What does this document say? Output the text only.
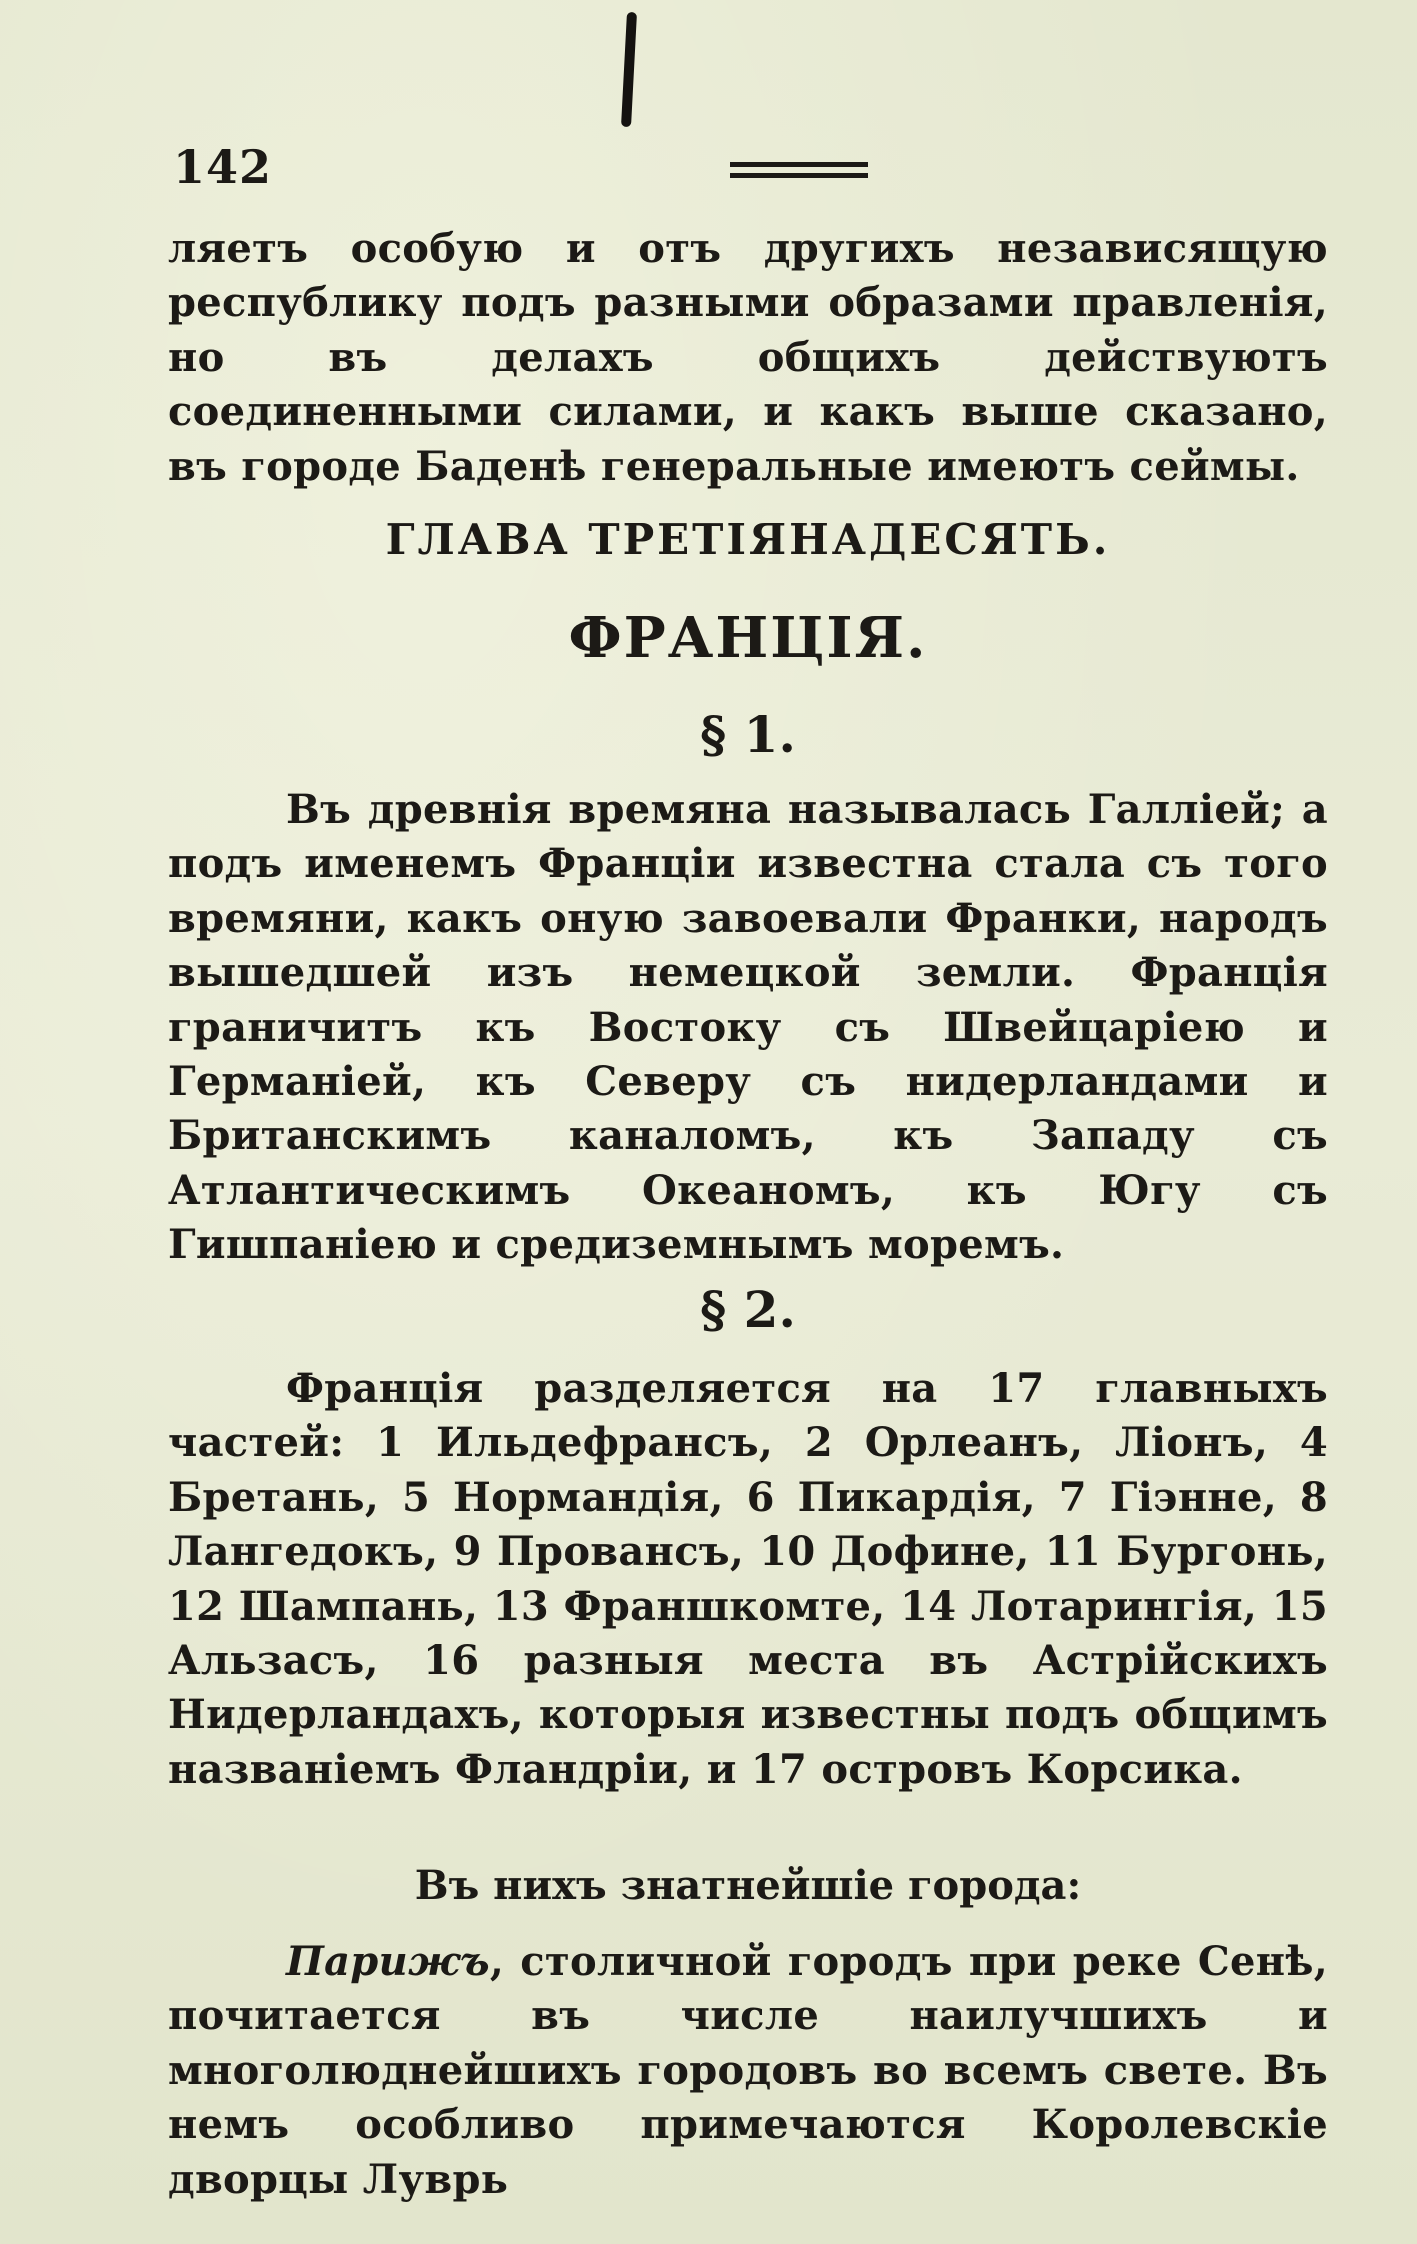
142

ляетъ особую и отъ другихъ независящую республику подъ разными образами правленія, но въ делахъ общихъ действуютъ соединенными силами, и какъ выше сказано, въ городе Баденѣ генеральные имеютъ сеймы.

ГЛАВА ТРЕТІЯНАДЕСЯТЬ.
ФРАНЦІЯ.
§ 1.

Въ древнія времяна называлась Галлiей; а подъ именемъ Франціи известна стала съ того времяни, какъ оную завоевали Франки, народъ вышедшей изъ немецкой земли. Франція граничитъ къ Востоку съ Швейцаріею и Германіей, къ Северу съ нидерландами и Британскимъ каналомъ, къ Западу съ Атлантическимъ Океаномъ, къ Югу съ Гишпаніею и средиземнымъ моремъ.

§ 2.

Франція разделяется на 17 главныхъ частей: 1 Ильдефрансъ, 2 Орлеанъ, Ліонъ, 4 Бретань, 5 Нормандія, 6 Пикардія, 7 Гіэнне, 8 Лангедокъ, 9 Провансъ, 10 Дофине, 11 Бургонь, 12 Шампань, 13 Франшкомте, 14 Лотарингія, 15 Альзасъ, 16 разныя места въ Астрійскихъ Нидерландахъ, которыя известны подъ общимъ названіемъ Фландріи, и 17 островъ Корсика.

Въ нихъ знатнейшіе города:

Парижъ, столичной городъ при реке Сенѣ, почитается въ числе наилучшихъ и многолюднейшихъ городовъ во всемъ свете. Въ немъ особливо примечаются Королевскіе дворцы Луврь
